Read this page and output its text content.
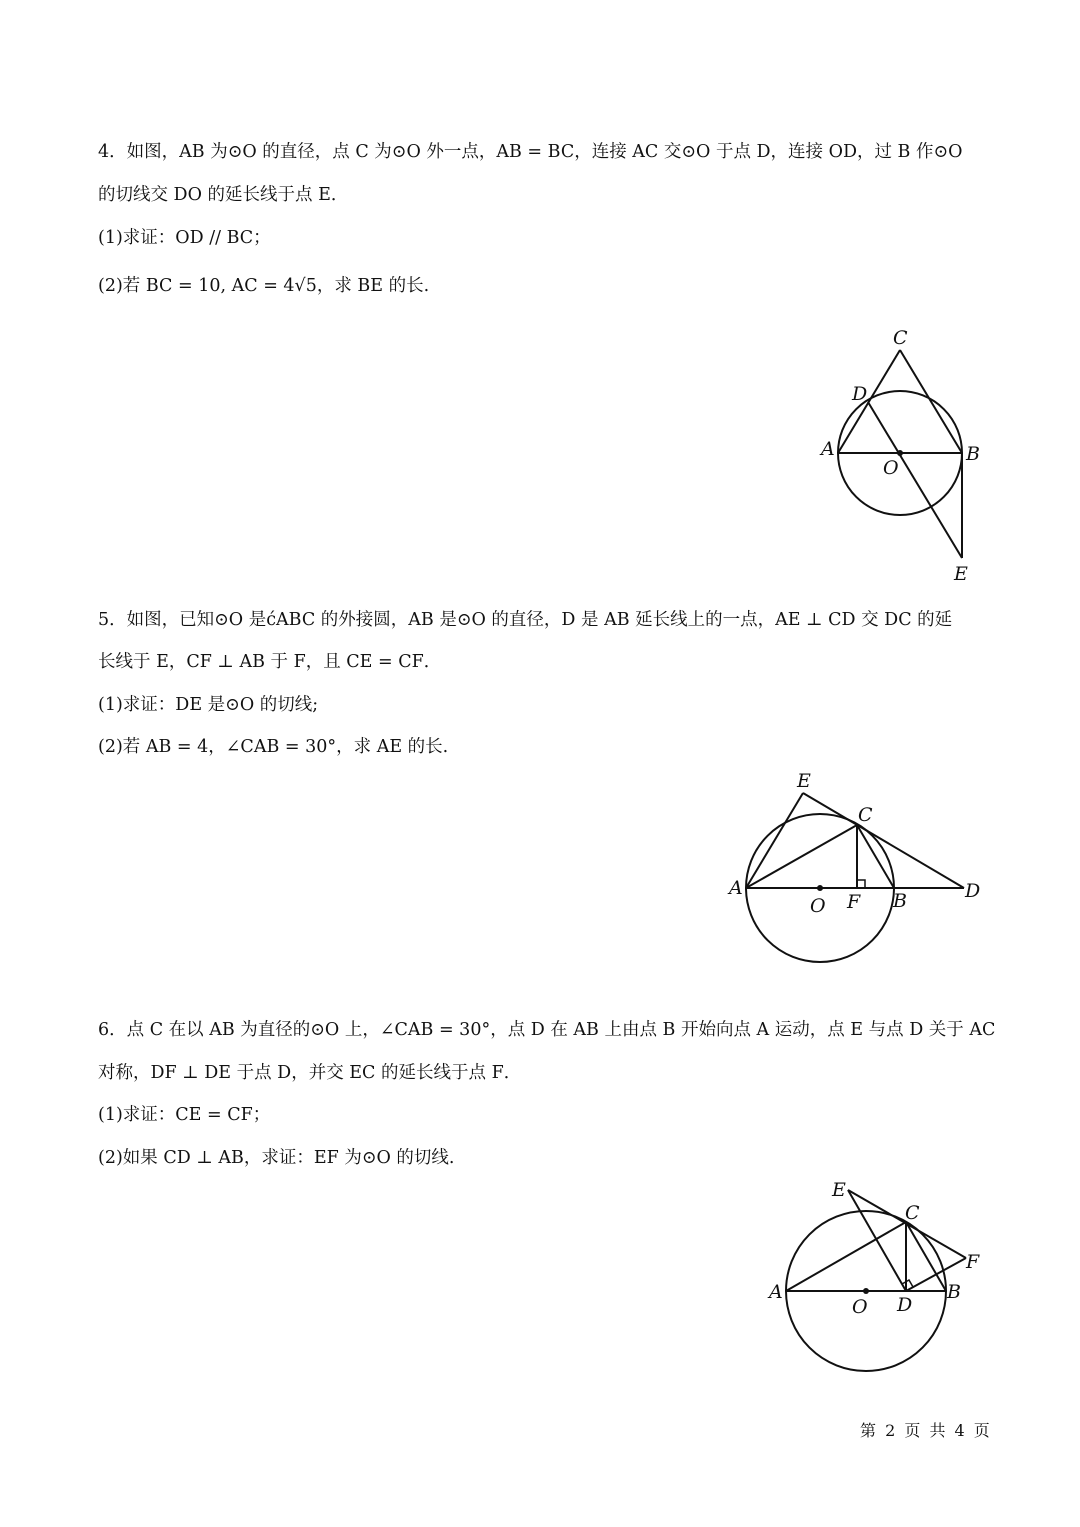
4．如图，AB 为⊙O 的直径，点 C 为⊙O 外一点，AB = BC，连接 AC 交⊙O 于点 D，连接 OD，过 B 作⊙O
的切线交 DO 的延长线于点 E．
(1)求证：OD // BC；
(2)若 BC = 10, AC = 4√5，求 BE 的长.
C
D
A	B
O
E
5．如图，已知⊙O 是ćABC 的外接圆，AB 是⊙O 的直径，D 是 AB 延长线上的一点，AE ⊥ CD 交 DC 的延
长线于 E，CF ⊥ AB 于 F，且 CE = CF．
(1)求证：DE 是⊙O 的切线;
(2)若 AB = 4，∠CAB = 30°，求 AE 的长.
E
C
A
O F B	D
6．点 C 在以 AB 为直径的⊙O 上，∠CAB = 30°，点 D 在 AB 上由点 B 开始向点 A 运动，点 E 与点 D 关于 AC
对称，DF ⊥ DE 于点 D，并交 EC 的延长线于点 F．
(1)求证：CE = CF；
(2)如果 CD ⊥ AB，求证：EF 为⊙O 的切线.
E
C
F
A
O D
B
第 2 页 共 4 页
